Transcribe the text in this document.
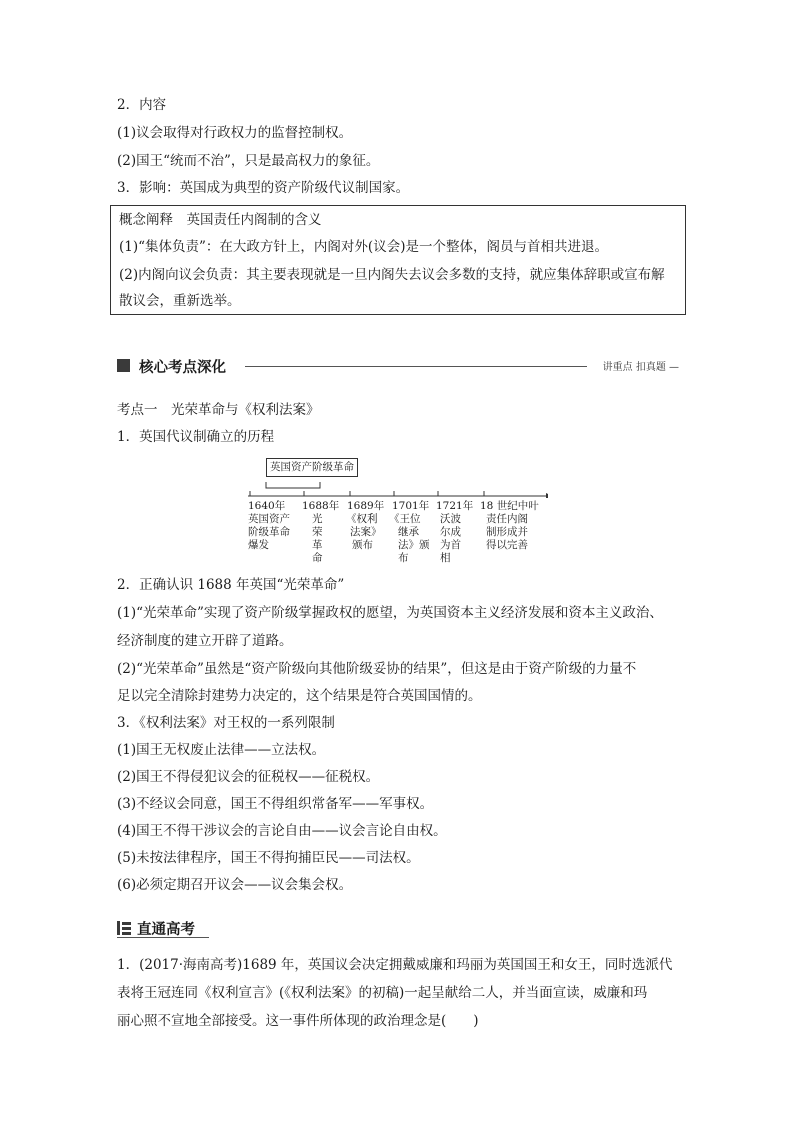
2．内容
(1)议会取得对行政权力的监督控制权。
(2)国王“统而不治”，只是最高权力的象征。
3．影响：英国成为典型的资产阶级代议制国家。
概念阐释　英国责任内阁制的含义
(1)“集体负责”：在大政方针上，内阁对外(议会)是一个整体，阁员与首相共进退。
(2)内阁向议会负责：其主要表现就是一旦内阁失去议会多数的支持，就应集体辞职或宣布解
散议会，重新选举。
核心考点深化	讲重点 扣真题 —
考点一　光荣革命与《权利法案》
1．英国代议制确立的历程
英国资产阶级革命
1640年
英国资产
阶级革命
爆发
1688年
光
荣
革
命
1689年
《权利
法案》
颁布
1701年
《王位
继承
法》颁
布
1721年
沃波
尔成
为首
相
18 世纪中叶
责任内阁
制形成并
得以完善
2．正确认识 1688 年英国“光荣革命”
(1)“光荣革命”实现了资产阶级掌握政权的愿望，为英国资本主义经济发展和资本主义政治、
经济制度的建立开辟了道路。
(2)“光荣革命”虽然是“资产阶级向其他阶级妥协的结果”，但这是由于资产阶级的力量不
足以完全清除封建势力决定的，这个结果是符合英国国情的。
3．《权利法案》对王权的一系列限制
(1)国王无权废止法律——立法权。
(2)国王不得侵犯议会的征税权——征税权。
(3)不经议会同意，国王不得组织常备军——军事权。
(4)国王不得干涉议会的言论自由——议会言论自由权。
(5)未按法律程序，国王不得拘捕臣民——司法权。
(6)必须定期召开议会——议会集会权。
直通高考
1．(2017·海南高考)1689 年，英国议会决定拥戴威廉和玛丽为英国国王和女王，同时选派代
表将王冠连同《权利宣言》(《权利法案》的初稿)一起呈献给二人，并当面宣读，威廉和玛
丽心照不宣地全部接受。这一事件所体现的政治理念是(　　)
